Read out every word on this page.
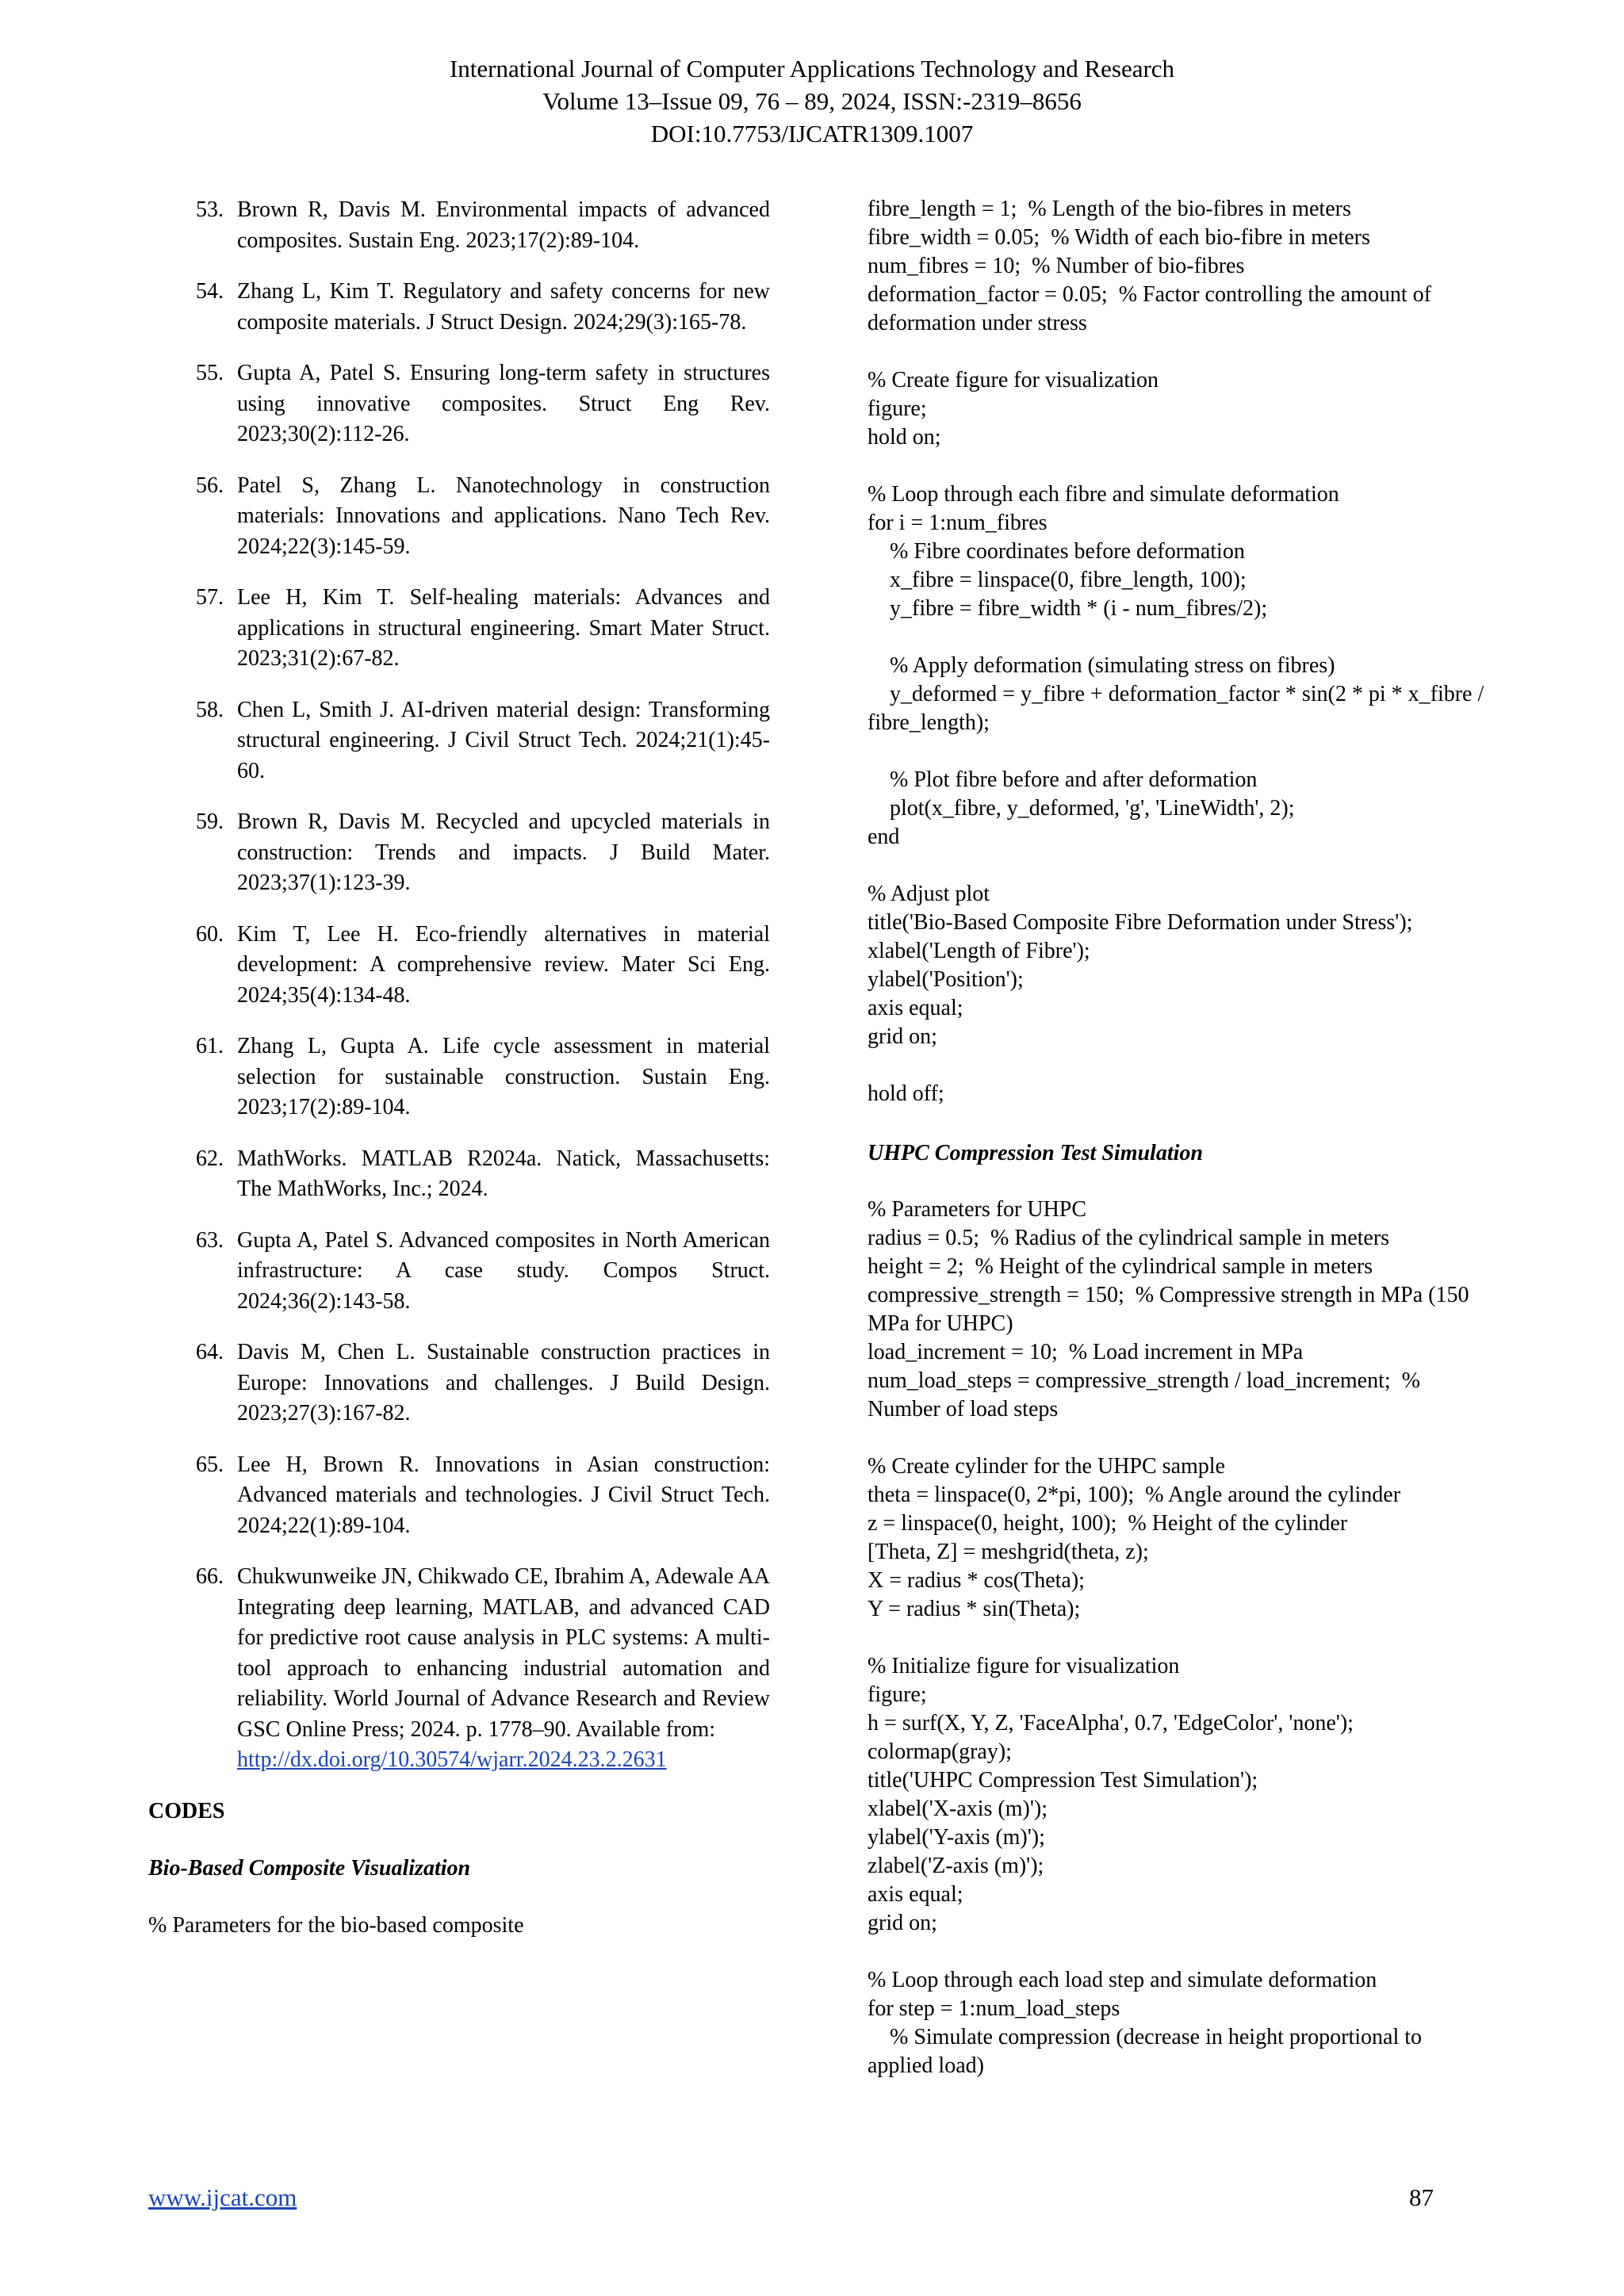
International Journal of Computer Applications Technology and Research
Volume 13–Issue 09, 76 – 89, 2024, ISSN:-2319–8656
DOI:10.7753/IJCATR1309.1007
53. Brown R, Davis M. Environmental impacts of advanced composites. Sustain Eng. 2023;17(2):89-104.
54. Zhang L, Kim T. Regulatory and safety concerns for new composite materials. J Struct Design. 2024;29(3):165-78.
55. Gupta A, Patel S. Ensuring long-term safety in structures using innovative composites. Struct Eng Rev. 2023;30(2):112-26.
56. Patel S, Zhang L. Nanotechnology in construction materials: Innovations and applications. Nano Tech Rev. 2024;22(3):145-59.
57. Lee H, Kim T. Self-healing materials: Advances and applications in structural engineering. Smart Mater Struct. 2023;31(2):67-82.
58. Chen L, Smith J. AI-driven material design: Transforming structural engineering. J Civil Struct Tech. 2024;21(1):45-60.
59. Brown R, Davis M. Recycled and upcycled materials in construction: Trends and impacts. J Build Mater. 2023;37(1):123-39.
60. Kim T, Lee H. Eco-friendly alternatives in material development: A comprehensive review. Mater Sci Eng. 2024;35(4):134-48.
61. Zhang L, Gupta A. Life cycle assessment in material selection for sustainable construction. Sustain Eng. 2023;17(2):89-104.
62. MathWorks. MATLAB R2024a. Natick, Massachusetts: The MathWorks, Inc.; 2024.
63. Gupta A, Patel S. Advanced composites in North American infrastructure: A case study. Compos Struct. 2024;36(2):143-58.
64. Davis M, Chen L. Sustainable construction practices in Europe: Innovations and challenges. J Build Design. 2023;27(3):167-82.
65. Lee H, Brown R. Innovations in Asian construction: Advanced materials and technologies. J Civil Struct Tech. 2024;22(1):89-104.
66. Chukwunweike JN, Chikwado CE, Ibrahim A, Adewale AA Integrating deep learning, MATLAB, and advanced CAD for predictive root cause analysis in PLC systems: A multi-tool approach to enhancing industrial automation and reliability. World Journal of Advance Research and Review GSC Online Press; 2024. p. 1778–90. Available from:
http://dx.doi.org/10.30574/wjarr.2024.23.2.2631
CODES
Bio-Based Composite Visualization
% Parameters for the bio-based composite
fibre_length = 1;  % Length of the bio-fibres in meters
fibre_width = 0.05;  % Width of each bio-fibre in meters
num_fibres = 10;  % Number of bio-fibres
deformation_factor = 0.05;  % Factor controlling the amount of deformation under stress

% Create figure for visualization
figure;
hold on;

% Loop through each fibre and simulate deformation
for i = 1:num_fibres
% Fibre coordinates before deformation
x_fibre = linspace(0, fibre_length, 100);
y_fibre = fibre_width * (i - num_fibres/2);

% Apply deformation (simulating stress on fibres)
y_deformed = y_fibre + deformation_factor * sin(2 * pi * x_fibre / fibre_length);

% Plot fibre before and after deformation
plot(x_fibre, y_deformed, 'g', 'LineWidth', 2);
end

% Adjust plot
title('Bio-Based Composite Fibre Deformation under Stress');
xlabel('Length of Fibre');
ylabel('Position');
axis equal;
grid on;

hold off;
UHPC Compression Test Simulation
% Parameters for UHPC
radius = 0.5;  % Radius of the cylindrical sample in meters
height = 2;  % Height of the cylindrical sample in meters
compressive_strength = 150;  % Compressive strength in MPa (150 MPa for UHPC)
load_increment = 10;  % Load increment in MPa
num_load_steps = compressive_strength / load_increment;  % Number of load steps

% Create cylinder for the UHPC sample
theta = linspace(0, 2*pi, 100);  % Angle around the cylinder
z = linspace(0, height, 100);  % Height of the cylinder
[Theta, Z] = meshgrid(theta, z);
X = radius * cos(Theta);
Y = radius * sin(Theta);

% Initialize figure for visualization
figure;
h = surf(X, Y, Z, 'FaceAlpha', 0.7, 'EdgeColor', 'none');
colormap(gray);
title('UHPC Compression Test Simulation');
xlabel('X-axis (m)');
ylabel('Y-axis (m)');
zlabel('Z-axis (m)');
axis equal;
grid on;

% Loop through each load step and simulate deformation
for step = 1:num_load_steps
% Simulate compression (decrease in height proportional to applied load)
www.ijcat.com	87
